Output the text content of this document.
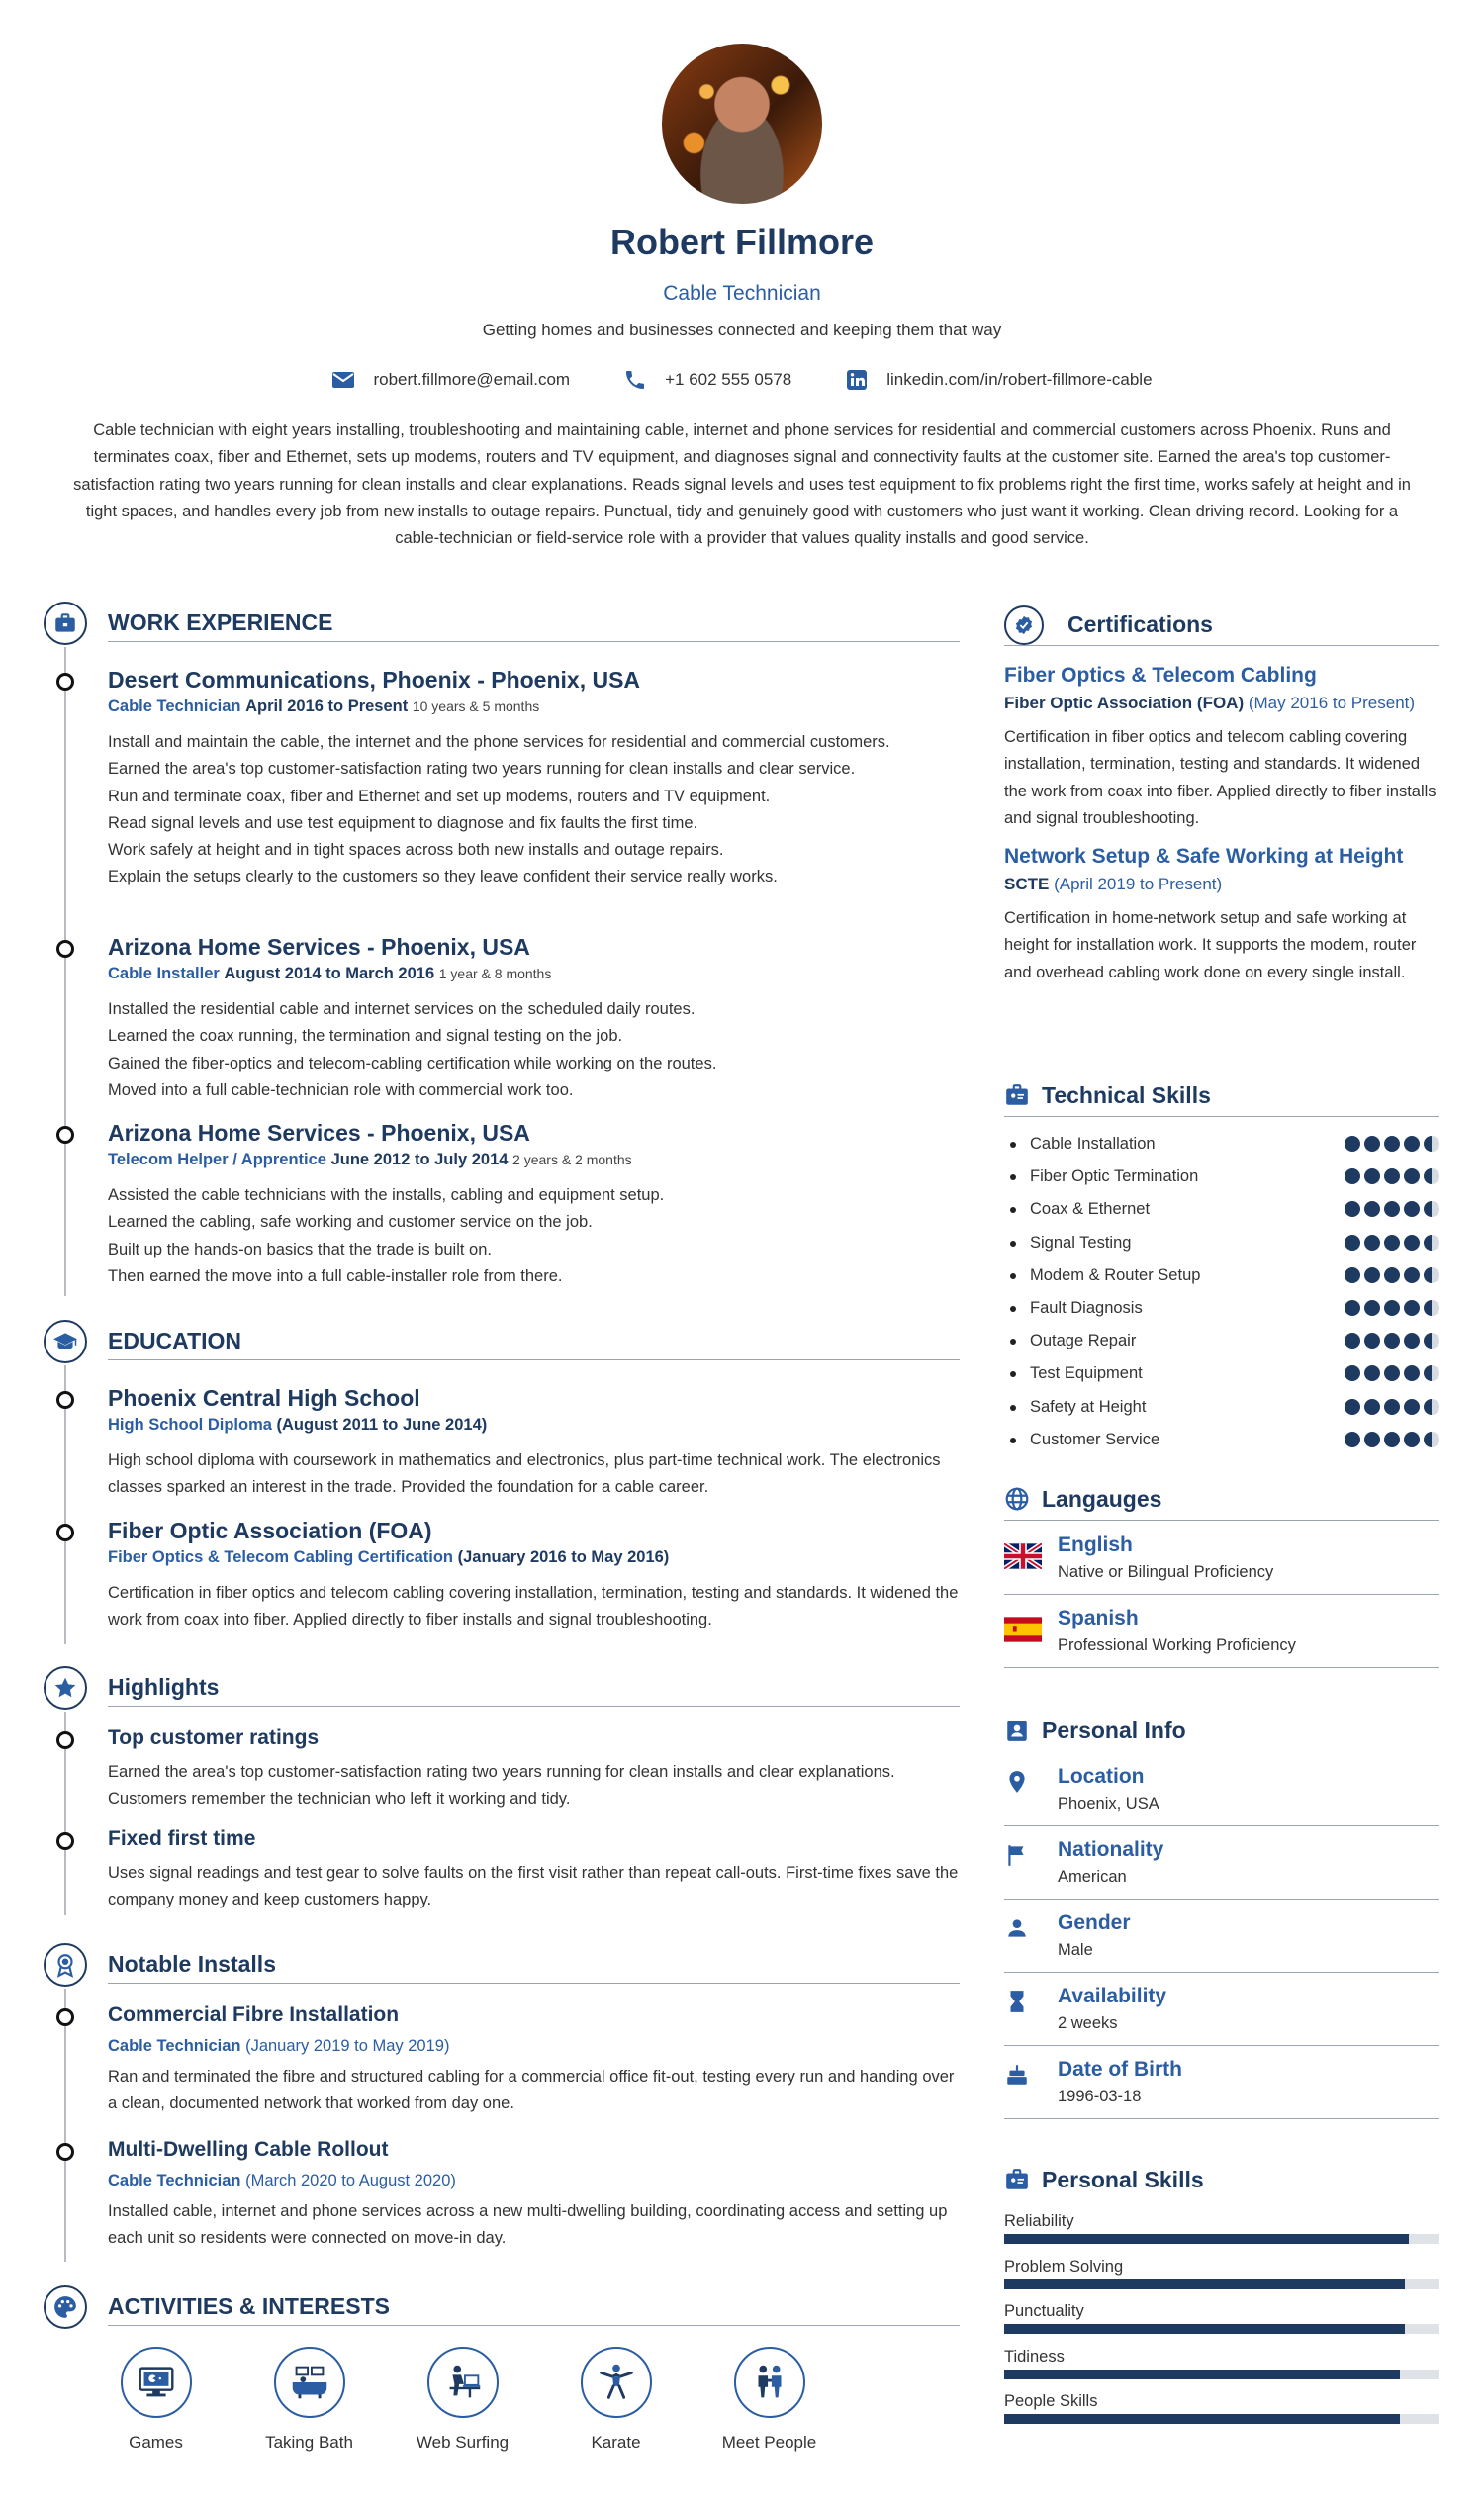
Robert Fillmore
Cable Technician
Getting homes and businesses connected and keeping them that way
robert.fillmore@email.com	+1 602 555 0578	linkedin.com/in/robert-fillmore-cable
Cable technician with eight years installing, troubleshooting and maintaining cable, internet and phone services for residential and commercial customers across Phoenix. Runs and terminates coax, fiber and Ethernet, sets up modems, routers and TV equipment, and diagnoses signal and connectivity faults at the customer site. Earned the area's top customer-satisfaction rating two years running for clean installs and clear explanations. Reads signal levels and uses test equipment to fix problems right the first time, works safely at height and in tight spaces, and handles every job from new installs to outage repairs. Punctual, tidy and genuinely good with customers who just want it working. Clean driving record. Looking for a cable-technician or field-service role with a provider that values quality installs and good service.
WORK EXPERIENCE
Desert Communications, Phoenix - Phoenix, USA
Cable Technician April 2016 to Present 10 years & 5 months

Install and maintain the cable, the internet and the phone services for residential and commercial customers.

Earned the area's top customer-satisfaction rating two years running for clean installs and clear service.

Run and terminate coax, fiber and Ethernet and set up modems, routers and TV equipment.

Read signal levels and use test equipment to diagnose and fix faults the first time.

Work safely at height and in tight spaces across both new installs and outage repairs.

Explain the setups clearly to the customers so they leave confident their service really works.

Arizona Home Services - Phoenix, USA
Cable Installer August 2014 to March 2016 1 year & 8 months

Installed the residential cable and internet services on the scheduled daily routes.

Learned the coax running, the termination and signal testing on the job.

Gained the fiber-optics and telecom-cabling certification while working on the routes.

Moved into a full cable-technician role with commercial work too.

Arizona Home Services - Phoenix, USA
Telecom Helper / Apprentice June 2012 to July 2014 2 years & 2 months

Assisted the cable technicians with the installs, cabling and equipment setup.

Learned the cabling, safe working and customer service on the job.

Built up the hands-on basics that the trade is built on.

Then earned the move into a full cable-installer role from there.

EDUCATION
Phoenix Central High School
High School Diploma (August 2011 to June 2014)
High school diploma with coursework in mathematics and electronics, plus part-time technical work. The electronics classes sparked an interest in the trade. Provided the foundation for a cable career.
Fiber Optic Association (FOA)
Fiber Optics & Telecom Cabling Certification (January 2016 to May 2016)
Certification in fiber optics and telecom cabling covering installation, termination, testing and standards. It widened the work from coax into fiber. Applied directly to fiber installs and signal troubleshooting.
Highlights
Top customer ratings
Earned the area's top customer-satisfaction rating two years running for clean installs and clear explanations. Customers remember the technician who left it working and tidy.
Fixed first time
Uses signal readings and test gear to solve faults on the first visit rather than repeat call-outs. First-time fixes save the company money and keep customers happy.
Notable Installs
Commercial Fibre Installation
Cable Technician (January 2019 to May 2019)
Ran and terminated the fibre and structured cabling for a commercial office fit-out, testing every run and handing over a clean, documented network that worked from day one.
Multi-Dwelling Cable Rollout
Cable Technician (March 2020 to August 2020)
Installed cable, internet and phone services across a new multi-dwelling building, coordinating access and setting up each unit so residents were connected on move-in day.
ACTIVITIES & INTERESTS
Games	Taking Bath	Web Surfing	Karate	Meet People
Certifications
Fiber Optics & Telecom Cabling
Fiber Optic Association (FOA) (May 2016 to Present)
Certification in fiber optics and telecom cabling covering installation, termination, testing and standards. It widened the work from coax into fiber. Applied directly to fiber installs and signal troubleshooting.
Network Setup & Safe Working at Height
SCTE (April 2019 to Present)
Certification in home-network setup and safe working at height for installation work. It supports the modem, router and overhead cabling work done on every single install.
Technical Skills
Cable Installation
Fiber Optic Termination
Coax & Ethernet
Signal Testing
Modem & Router Setup
Fault Diagnosis
Outage Repair
Test Equipment
Safety at Height
Customer Service
Langauges
English
Native or Bilingual Proficiency
Spanish
Professional Working Proficiency
Personal Info
Location
Phoenix, USA
Nationality
American
Gender
Male
Availability
2 weeks
Date of Birth
1996-03-18
Personal Skills
Reliability
Problem Solving
Punctuality
Tidiness
People Skills
